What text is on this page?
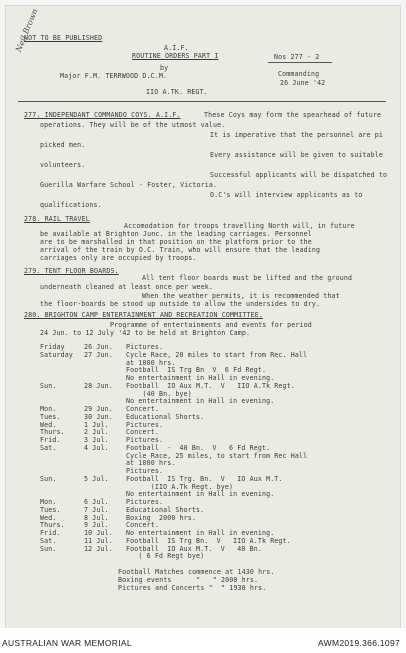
NOT TO BE PUBLISHED
A.I.F.
ROUTINE ORDERS PART I	Nos 277 - 2
by
Major F.M. TERRWOOD D.C.M.	Commanding
26 June '42
IIO A.TK. REGT.
Neil Brown
277. INDEPENDANT COMMANDO COYS. A.I.F.	These Coys may form the spearhead of future
operations. They will be of the utmost value.
It is imperative that the personnel are pi
picked men.
Every assistance will be given to suitable
volunteers.
Successful applicants will be dispatched to
Guerilla Warfare School - Foster, Victoria.
O.C's will interview applicants as to
qualifications.
278. RAIL TRAVEL
Accomodation for troops travelling North will, in future
be available at Brighton Junc. in the leading carriages. Personnel
are to be marshalled in that position on the platform prior to the
arrival of the train by O.C. Train, who will ensure that the leading
carriages only are occupied by troops.
279. TENT FLOOR BOARDS.
All tent floor boards must be lifted and the ground
underneath cleaned at least once per week.
When the weather permits, it is recommended that
the floor-boards be stood up outside to allow the undersides to dry.
280. BRIGHTON CAMP ENTERTAINMENT AND RECREATION COMMITTEE.
Programme of entertainments and events for period
24 Jun. to 12 July '42 to be held at Brighton Camp.
Friday	26 Jun. Pictures.
Saturday 27 Jun. Cycle Race, 20 miles to start from Rec. Hall
at 1000 hrs.
Football  IS Trg Bn  V  6 Fd Regt.
No entertainment in Hall in evening.
Sun.	28 Jun. Football  IO Aux M.T.  V   IIO A.Tk Regt.
(40 Bn. bye)
No entertainment in Hall in evening.
Mon.	29 Jun. Concert.
Tues.	30 Jun. Educational Shorts.
Wed.	1 Jul.	Pictures.
Thurs.	2 Jul.	Concert.
Frid.	3 Jul.	Pictures.
Sat.	4 Jul.	Football  -  40 Bn.  V   6 Fd Regt.
Cycle Race, 25 miles, to start from Rec Hall
at 1000 hrs.
Pictures.
Sun.	5 Jul.	Football  IS Trg. Bn.  V   IO Aux M.T.
(IIO A.Tk Regt. bye)
No entertainment in Hall in evening.
Mon.	6 Jul.	Pictures.
Tues.	7 Jul.	Educational Shorts.
Wed.	8 Jul.	Boxing  2000 hrs.
Thurs.	9 Jul.	Concert.
Frid.	10 Jul. No entertainment in Hall in evening.
Sat.	11 Jul. Football  IS Trg Bn.  V   IIO A.Tk Regt.
Sun.	12 Jul. Football  IO Aux M.T.  V   40 Bn.
( 6 Fd Regt bye)
Football Matches commence at 1430 hrs.
Boxing events      "   " 2000 hrs.
Pictures and Concerts "  " 1930 hrs.
AUSTRALIAN WAR MEMORIAL	AWM2019.366.1097
